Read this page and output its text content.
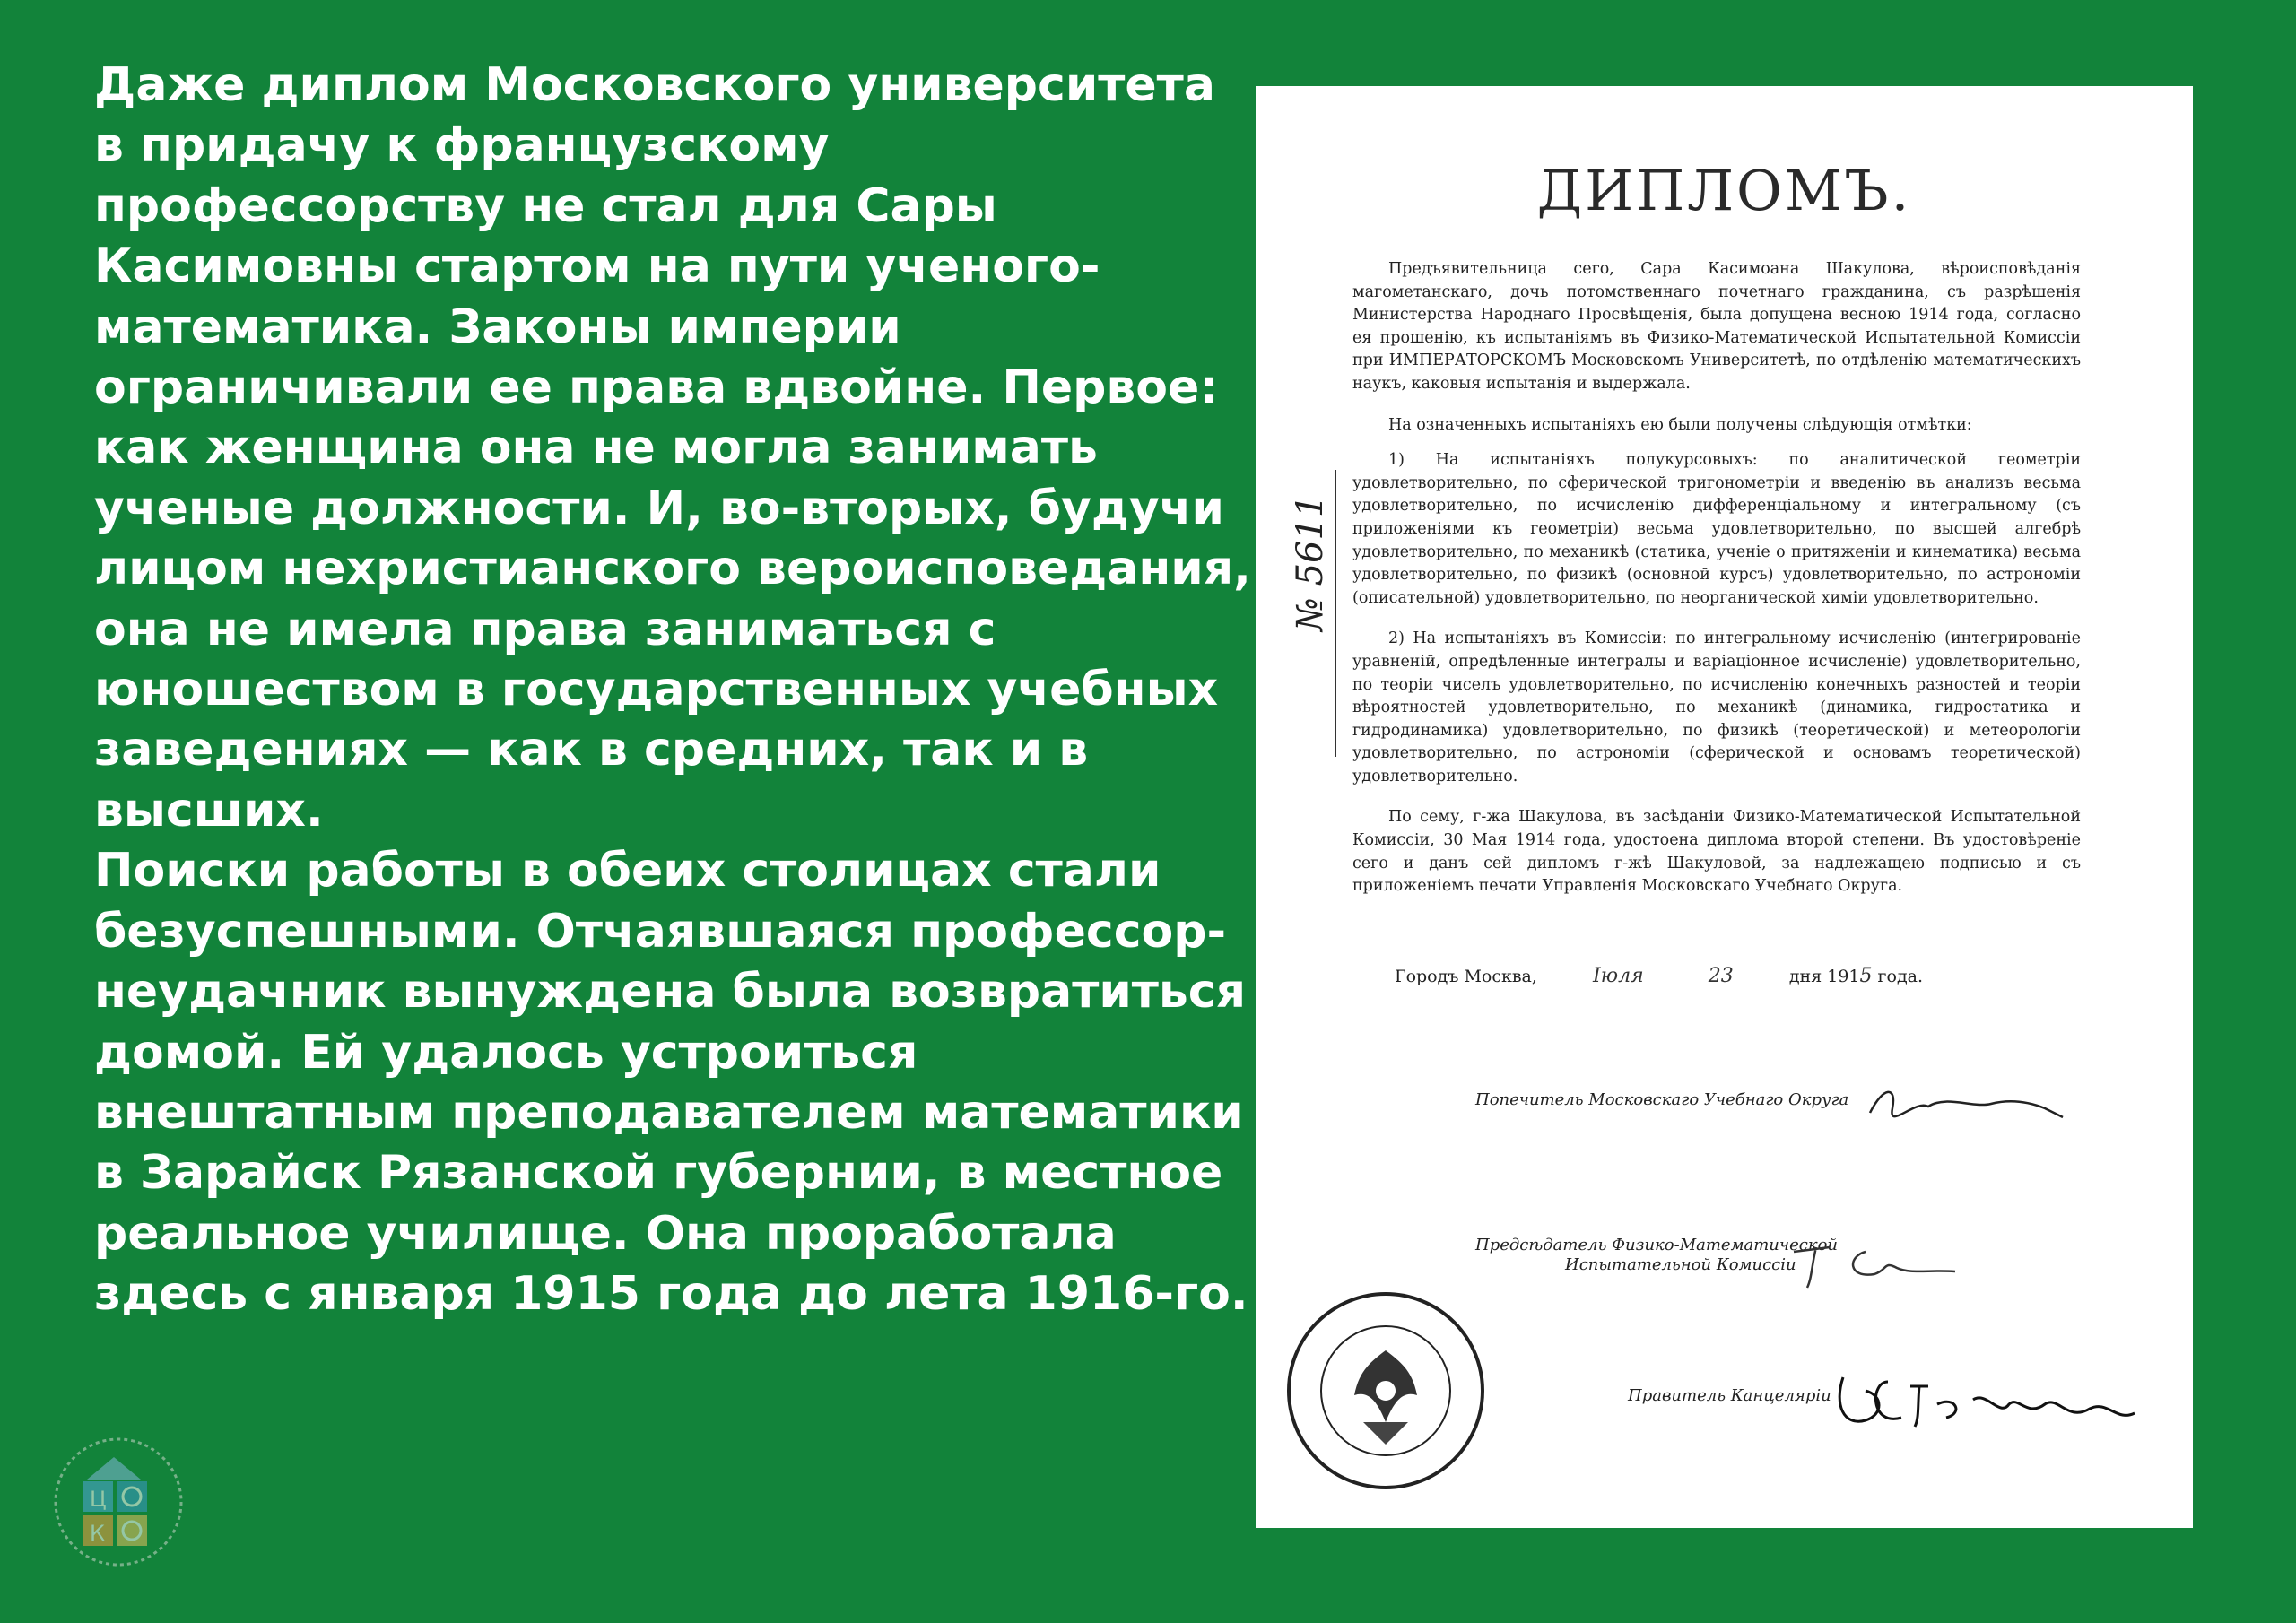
Даже диплом Московского университета в придачу к французскому профессорству не стал для Сары Касимовны стартом на пути ученого-математика. Законы империи ограничивали ее права вдвойне. Первое: как женщина она не могла занимать ученые должности. И, во-вторых, будучи лицом нехристианского вероисповедания, она не имела права заниматься с юношеством в государственных учебных заведениях — как в средних, так и в высших.

Поиски работы в обеих столицах стали безуспешными. Отчаявшаяся профессор-неудачник вынуждена была возвратиться домой. Ей удалось устроиться внештатным преподавателем математики в Зарайск Рязанской губернии, в местное реальное училище. Она проработала здесь с января 1915 года до лета 1916-го.

Ц
К
ДИПЛОМЪ.
№ 5611

Предъявительница сего, Сара Касимоана Шакулова, вѣроисповѣданія магометанскаго, дочь потомственнаго почетнаго гражданина, съ разрѣшенія Министерства Народнаго Просвѣщенія, была допущена весною 1914 года, согласно ея прошенію, къ испытаніямъ въ Физико-Математической Испытательной Комиссіи при ИМПЕРАТОРСКОМЪ Московскомъ Университетѣ, по отдѣленію математическихъ наукъ, каковыя испытанія и выдержала.

На означенныхъ испытаніяхъ ею были получены слѣдующія отмѣтки:

1) На испытаніяхъ полукурсовыхъ: по аналитической геометріи удовлетворительно, по сферической тригонометріи и введенію въ анализъ весьма удовлетворительно, по исчисленію дифференціальному и интегральному (съ приложеніями къ геометріи) весьма удовлетворительно, по высшей алгебрѣ удовлетворительно, по механикѣ (статика, ученіе о притяженіи и кинематика) весьма удовлетворительно, по физикѣ (основной курсъ) удовлетворительно, по астрономіи (описательной) удовлетворительно, по неорганической химіи удовлетворительно.

2) На испытаніяхъ въ Комиссіи: по интегральному исчисленію (интегрированіе уравненій, опредѣленные интегралы и варіаціонное исчисленіе) удовлетворительно, по теоріи чиселъ удовлетворительно, по исчисленію конечныхъ разностей и теоріи вѣроятностей удовлетворительно, по механикѣ (динамика, гидростатика и гидродинамика) удовлетворительно, по физикѣ (теоретической) и метеорологіи удовлетворительно, по астрономіи (сферической и основамъ теоретической) удовлетворительно.

По сему, г-жа Шакулова, въ засѣданіи Физико-Математической Испытательной Комиссіи, 30 Мая 1914 года, удостоена диплома второй степени. Въ удостовѣреніе сего и данъ сей дипломъ г-жѣ Шакуловой, за надлежащею подписью и съ приложеніемъ печати Управленія Московскаго Учебнаго Округа.

Городъ Москва,	Іюля	23	дня 1915 года.
Попечитель Московскаго Учебнаго Округа
Предсѣдатель Физико-Математической
Испытательной Комиссіи
Правитель Канцеляріи
